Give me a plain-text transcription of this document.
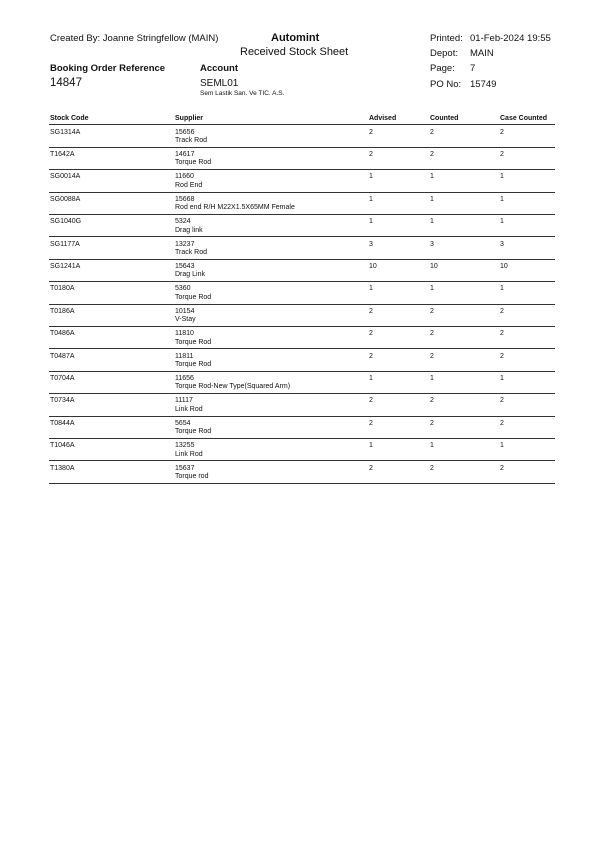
Created By: Joanne Stringfellow (MAIN)	Automint
Received Stock Sheet
Printed: 01-Feb-2024 19:55
Depot: MAIN
Page: 7
PO No: 15749
Booking Order Reference
14847
Account
SEML01
Sem Lastik San. Ve TIC. A.S.
Stock Code	Supplier	Advised	Counted	Case Counted
SG1314A	15656	2	2	2
Track Rod
T1642A	14617	2	2	2
Torque Rod
SG0014A	11660	1	1	1
Rod End
SG0088A	15668	1	1	1
Rod end R/H M22X1.5X65MM Female
SG1040G	5324	1	1	1
Drag link
SG1177A	13237	3	3	3
Track Rod
SG1241A	15643	10	10	10
Drag Link
T0180A	5360	1	1	1
Torque Rod
T0186A	10154	2	2	2
V-Stay
T0486A	11810	2	2	2
Torque Rod
T0487A	11811	2	2	2
Torque Rod
T0704A	11656	1	1	1
Torque Rod-New Type(Squared Arm)
T0734A	11117	2	2	2
Link Rod
T0844A	5654	2	2	2
Torque Rod
T1046A	13255	1	1	1
Link Rod
T1380A	15637	2	2	2
Torque rod
